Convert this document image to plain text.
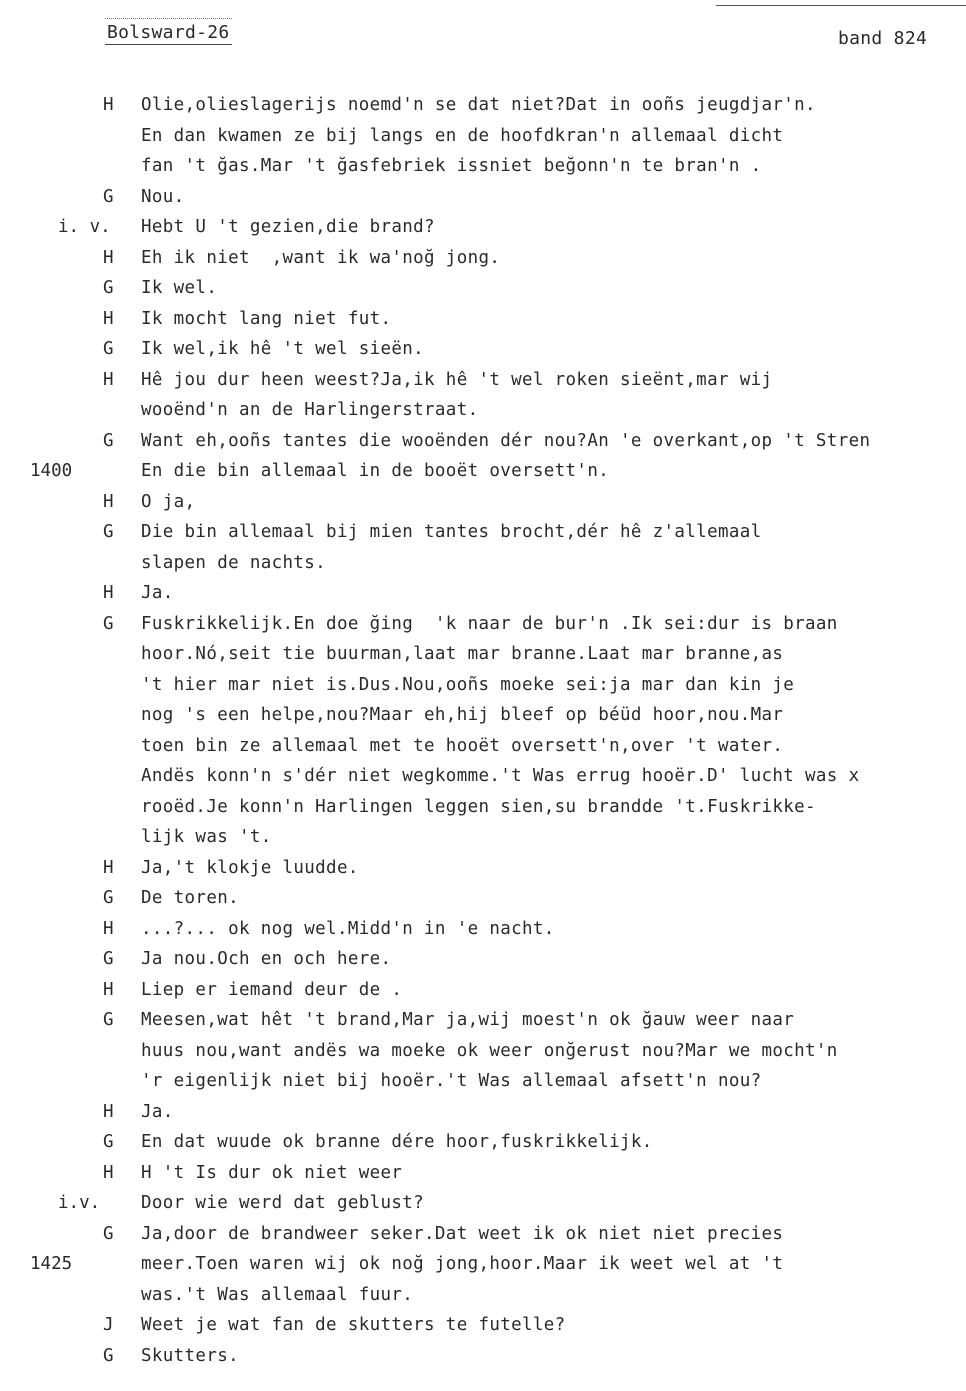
Bolsward-26	band 824
H	Olie,olieslagerijs noemd'n se dat niet?Dat in ooñs jeugdjar'n.
En dan kwamen ze bij langs en de hoofdkran'n allemaal dicht
fan 't ğas.Mar 't ğasfebriek issniet beğonn'n te bran'n .
G	Nou.
i. v.	Hebt U 't gezien,die brand?
H	Eh ik niet  ,want ik wa'noğ jong.
G	Ik wel.
H	Ik mocht lang niet fut.
G	Ik wel,ik hê 't wel sieën.
H	Hê jou dur heen weest?Ja,ik hê 't wel roken sieënt,mar wij
wooënd'n an de Harlingerstraat.
G	Want eh,ooñs tantes die wooënden dér nou?An 'e overkant,op 't Stren
1400	En die bin allemaal in de booët oversett'n.
H	O ja,
G	Die bin allemaal bij mien tantes brocht,dér hê z'allemaal
slapen de nachts.
H	Ja.
G	Fuskrikkelijk.En doe ğing  'k naar de bur'n .Ik sei:dur is braan
hoor.Nó,seit tie buurman,laat mar branne.Laat mar branne,as
't hier mar niet is.Dus.Nou,ooñs moeke sei:ja mar dan kin je
nog 's een helpe,nou?Maar eh,hij bleef op béüd hoor,nou.Mar
toen bin ze allemaal met te hooët oversett'n,over 't water.
Andës konn'n s'dér niet wegkomme.'t Was errug hooër.D' lucht was x
rooëd.Je konn'n Harlingen leggen sien,su brandde 't.Fuskrikke-
lijk was 't.
H	Ja,'t klokje luudde.
G	De toren.
H	...?... ok nog wel.Midd'n in 'e nacht.
G	Ja nou.Och en och here.
H	Liep er iemand deur de .
G	Meesen,wat hêt 't brand,Mar ja,wij moest'n ok ğauw weer naar
huus nou,want andës wa moeke ok weer onğerust nou?Mar we mocht'n
'r eigenlijk niet bij hooër.'t Was allemaal afsett'n nou?
H	Ja.
G	En dat wuude ok branne dére hoor,fuskrikkelijk.
H	H 't Is dur ok niet weer
i.v.	Door wie werd dat geblust?
G	Ja,door de brandweer seker.Dat weet ik ok niet niet precies
1425	meer.Toen waren wij ok noğ jong,hoor.Maar ik weet wel at 't
was.'t Was allemaal fuur.
J	Weet je wat fan de skutters te futelle?
G	Skutters.
